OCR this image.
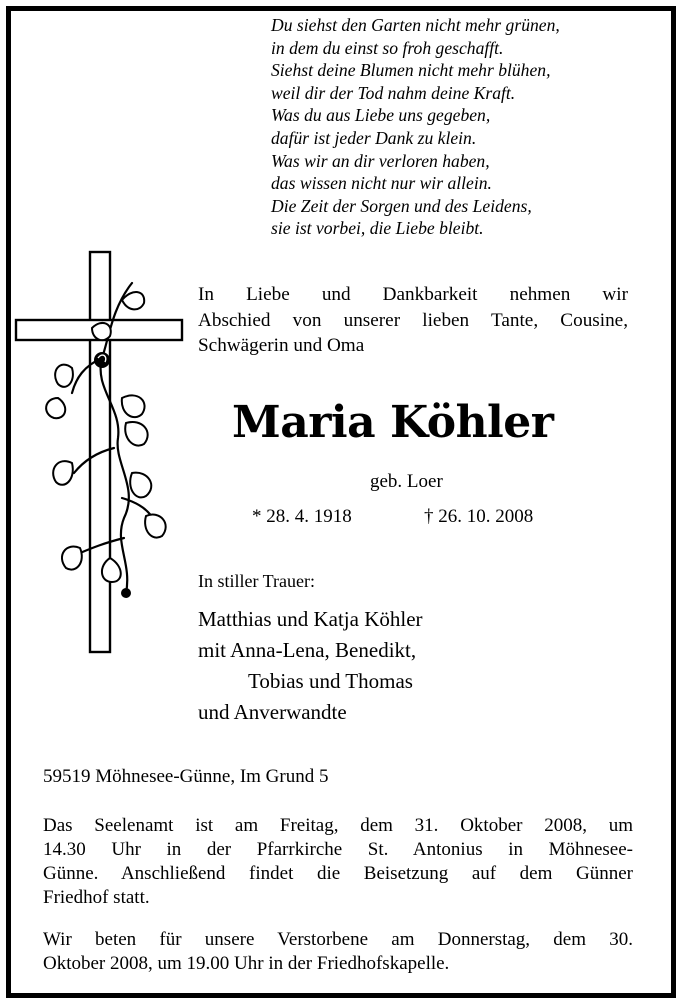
Du siehst den Garten nicht mehr grünen,
in dem du einst so froh geschafft.
Siehst deine Blumen nicht mehr blühen,
weil dir der Tod nahm deine Kraft.
Was du aus Liebe uns gegeben,
dafür ist jeder Dank zu klein.
Was wir an dir verloren haben,
das wissen nicht nur wir allein.
Die Zeit der Sorgen und des Leidens,
sie ist vorbei, die Liebe bleibt.
In Liebe und Dankbarkeit nehmen wir
Abschied von unserer lieben Tante, Cousine,
Schwägerin und Oma
Maria Köhler
geb. Loer
* 28. 4. 1918	† 26. 10. 2008
In stiller Trauer:
Matthias und Katja Köhler
mit Anna-Lena, Benedikt,
Tobias und Thomas
und Anverwandte
59519 Möhnesee-Günne, Im Grund 5
Das Seelenamt ist am Freitag, dem 31. Oktober 2008, um
14.30 Uhr in der Pfarrkirche St. Antonius in Möhnesee-
Günne. Anschließend findet die Beisetzung auf dem Günner
Friedhof statt.
Wir beten für unsere Verstorbene am Donnerstag, dem 30.
Oktober 2008, um 19.00 Uhr in der Friedhofskapelle.
